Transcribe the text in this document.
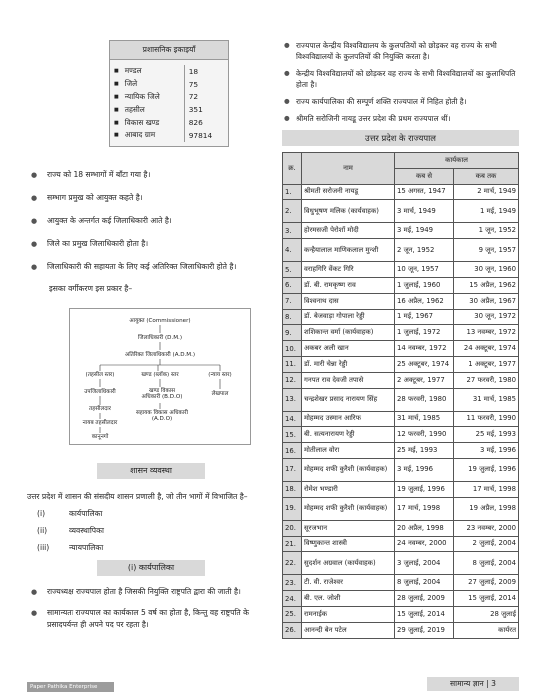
प्रशासनिक इकाइयाँ
■ मण्डल	18
■ जिले	75
■ न्यायिक जिले	72
■ तहसील	351
■ विकास खण्ड	826
■ आबाद ग्राम	97814
● राज्य को 18 सम्भागों में बाँटा गया है।
● सम्भाग प्रमुख को आयुक्त कहते है।
● आयुक्त के अन्तर्गत कई जिलाधिकारी आते है।
● जिले का प्रमुख जिलाधिकारी होता है।
● जिलाधिकारी की सहायता के लिए कई अतिरिक्त जिलाधिकारी होते है।
इसका वर्गीकरण इस प्रकार है–
आयुक्त (Commissioner)
जिलाधिकारी (D.M.)
अतिरिक्त जिलाधिकारी (A.D.M.)
(तहसील स्तर)	खण्ड (ब्लॉक) स्तर	(न्याय स्तर)
उपजिलाधिकारी	खण्ड विकास अधिकारी (B.D.O)
लेखपाल
तहसीलदार
सहायक विकास अधिकारी (A.D.O)
नायब तहसीलदार
कानूनगो
शासन व्यवस्था
उत्तर प्रदेश में शासन की संसदीय शासन प्रणाली है, जो तीन भागों में विभाजित है–
(i)	कार्यपालिका
(ii)	व्यवस्थापिका
(iii)	न्यायपालिका
(i) कार्यपालिका
● राज्यध्यक्ष राज्यपाल होता है जिसकी नियुक्ति राष्ट्रपति द्वारा की जाती है।
● सामान्यतः राज्यपाल का कार्यकाल 5 वर्ष का होता है, किन्तु वह राष्ट्रपति के प्रसादपर्यन्त ही अपने पद पर रहता है।
● राज्यपाल केन्द्रीय विश्वविद्यालय के कुलपतियों को छोड़कर वह राज्य के सभी विश्वविद्यालयों के कुलपतियों की नियुक्ति करता है।
● केन्द्रीय विश्वविद्यालयों को छोड़कर वह राज्य के सभी विश्वविद्यालयों का कुलाधिपति होता है।
● राज्य कार्यपालिका की सम्पूर्ण शक्ति राज्यपाल में निहित होती है।
● श्रीमति सरोजिनी नायडू उत्तर प्रदेश की प्रथम राज्यपाल थीं।
उत्तर प्रदेश के राज्यपाल
क्र.	नाम	कार्यकाल	
		कब से	कब तक
1.	श्रीमती सरोजनी नायडू	15 अगस्त, 1947	2 मार्च, 1949
2.	विधुभूषण मलिक (कार्यवाहक)	3 मार्च, 1949	1 मई, 1949
3.	होरमसजी पेरोशॉ मोदी	3 मई, 1949	1 जून, 1952
4.	कन्हैयालाल माणिकलाल मुन्शी	2 जून, 1952	9 जून, 1957
5.	वराहगिरि वेंकट गिरि	10 जून, 1957	30 जून, 1960
6.	डॉ. बी. रामकृष्ण राव	1 जुलाई, 1960	15 अप्रैल, 1962
7.	विश्वनाथ दास	16 अप्रैल, 1962	30 अप्रैल, 1967
8.	डॉ. बेजवाड़ा गोपाला रेड्डी	1 मई, 1967	30 जून, 1972
9.	शशिकान्त वर्मा (कार्यवाहक)	1 जुलाई, 1972	13 नवम्बर, 1972
10.	अकबर अली खान	14 नवम्बर, 1972	24 अक्टूबर, 1974
11.	डॉ. मारी चेन्ना रेड्डी	25 अक्टूबर, 1974	1 अक्टूबर, 1977
12.	गनपत राव देवजी तपासे	2 अक्टूबर, 1977	27 फरवरी, 1980
13.	चन्द्रशेखर प्रसाद नारायण सिंह	28 फरवरी, 1980	31 मार्च, 1985
14.	मोहम्मद उस्मान आरिफ	31 मार्च, 1985	11 फरवरी, 1990
15.	बी. सत्यनारायण रेड्डी	12 फरवरी, 1990	25 मई, 1993
16.	मोतीलाल वोरा	25 मई, 1993	3 मई, 1996
17.	मोहम्मद शफी कुरैशी (कार्यवाहक)	3 मई, 1996	19 जुलाई, 1996
18.	रोमेश भण्डारी	19 जुलाई, 1996	17 मार्च, 1998
19.	मोहम्मद शफी कुरैशी (कार्यवाहक)	17 मार्च, 1998	19 अप्रैल, 1998
20.	सूरजभान	20 अप्रैल, 1998	23 नवम्बर, 2000
21.	विष्णुकान्त शास्त्री	24 नवम्बर, 2000	2 जुलाई, 2004
22.	सुदर्शन अग्रवाल (कार्यवाहक)	3 जुलाई, 2004	8 जुलाई, 2004
23.	टी. वी. राजेश्वर	8 जुलाई, 2004	27 जुलाई, 2009
24.	बी. एल. जोशी	28 जुलाई, 2009	15 जुलाई, 2014
25.	रामनाईक	15 जुलाई, 2014	28 जुलाई
26.	आनन्दी बेन पटेल	29 जुलाई, 2019	कार्यरत
Paper Pathika Enterprise	सामान्य ज्ञान | 3
